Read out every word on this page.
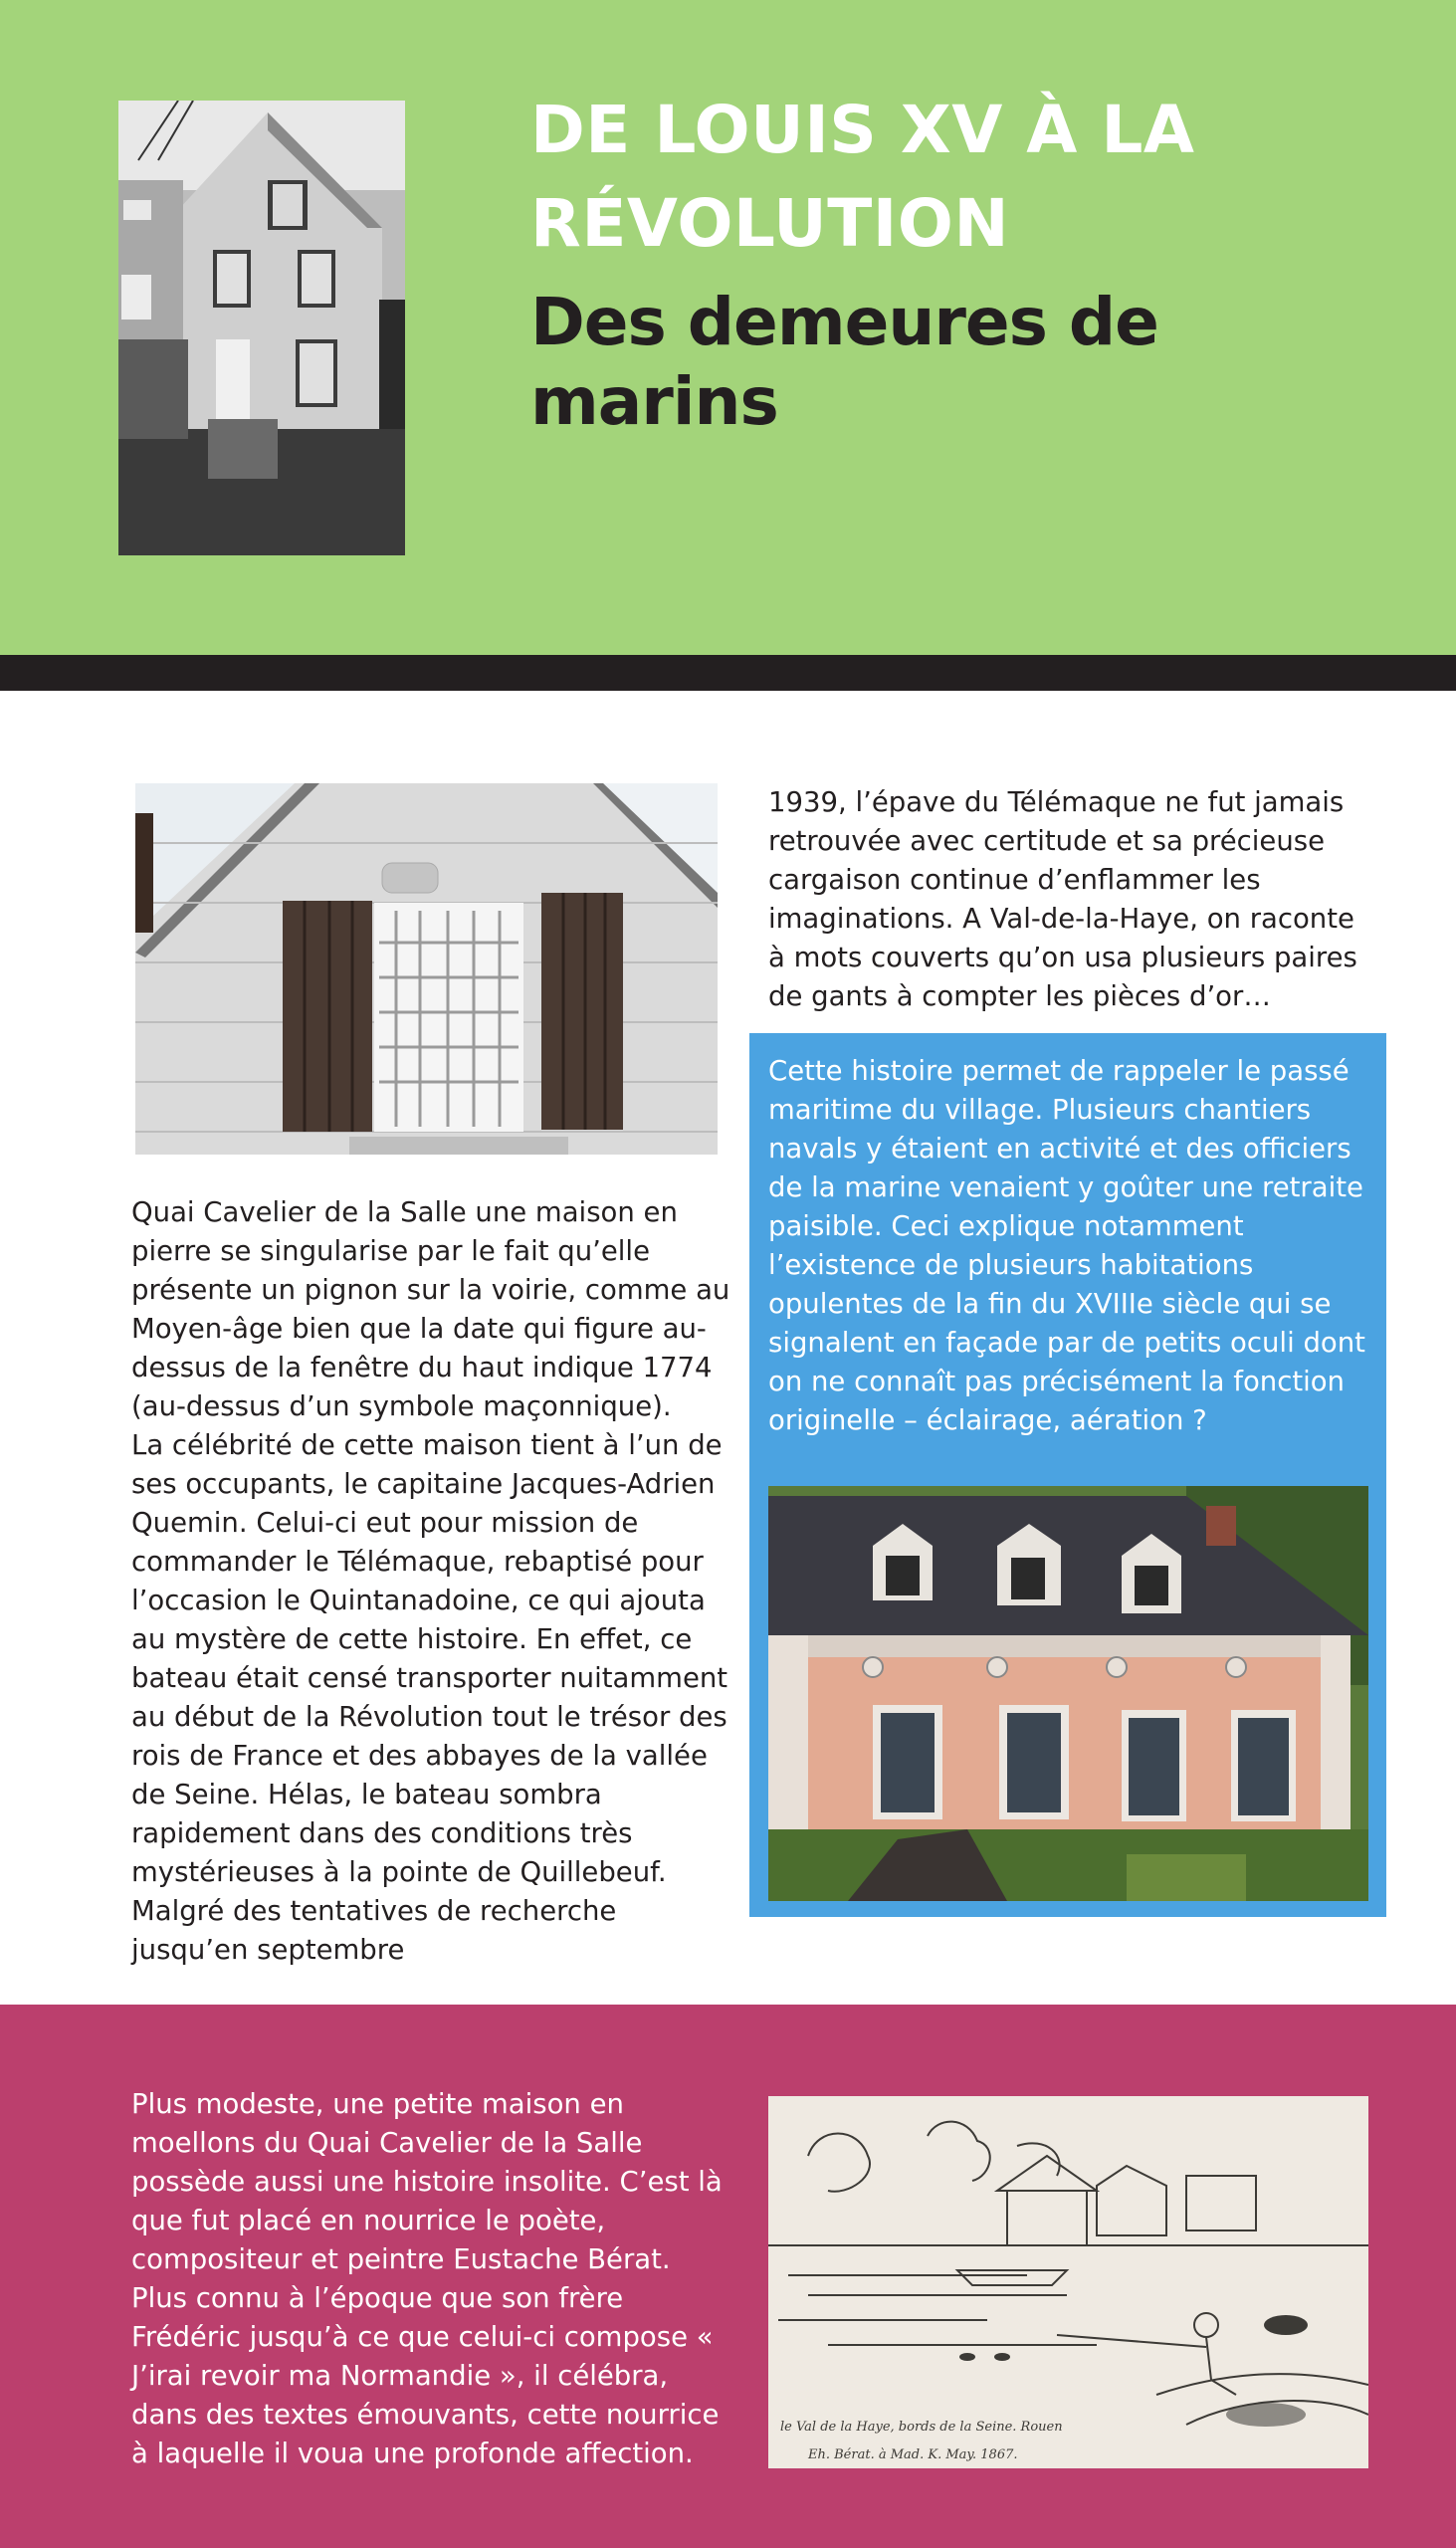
DE LOUIS XV À LA RÉVOLUTION
Des demeures de marins

Quai Cavelier de la Salle une maison en pierre se singularise par le fait qu’elle présente un pignon sur la voirie, comme au Moyen-âge bien que la date qui figure au-dessus de la fenêtre du haut indique 1774 (au-dessus d’un symbole maçonnique).
La célébrité de cette maison tient à l’un de ses occupants, le capitaine Jacques-Adrien Quemin. Celui-ci eut pour mission de commander le Télémaque, rebaptisé pour l’occasion le Quintanadoine, ce qui ajouta au mystère de cette histoire. En effet, ce bateau était censé transporter nuitamment au début de la Révolution tout le trésor des rois de France et des abbayes de la vallée de Seine. Hélas, le bateau sombra rapidement dans des conditions très mystérieuses à la pointe de Quillebeuf. Malgré des tentatives de recherche jusqu’en septembre

1939, l’épave du Télémaque ne fut jamais retrouvée avec certitude et sa précieuse cargaison continue d’enflammer les imaginations. A Val-de-la-Haye, on raconte à mots couverts qu’on usa plusieurs paires de gants à compter les pièces d’or…

Cette histoire permet de rappeler le passé maritime du village. Plusieurs chantiers navals y étaient en activité et des officiers de la marine venaient y goûter une retraite paisible. Ceci explique notamment l’existence de plusieurs habitations opulentes de la fin du XVIIIe siècle qui se signalent en façade par de petits oculi dont on ne connaît pas précisément la fonction originelle – éclairage, aération ?

Plus modeste, une petite maison en moellons du Quai Cavelier de la Salle possède aussi une histoire insolite. C’est là que fut placé en nourrice le poète, compositeur et peintre Eustache Bérat. Plus connu à l’époque que son frère Frédéric jusqu’à ce que celui-ci compose « J’irai revoir ma Normandie », il célébra, dans des textes émouvants, cette nourrice à laquelle il voua une profonde affection.

le Val de la Haye, bords de la Seine. Rouen
Eh. Bérat. à Mad. K. May. 1867.
